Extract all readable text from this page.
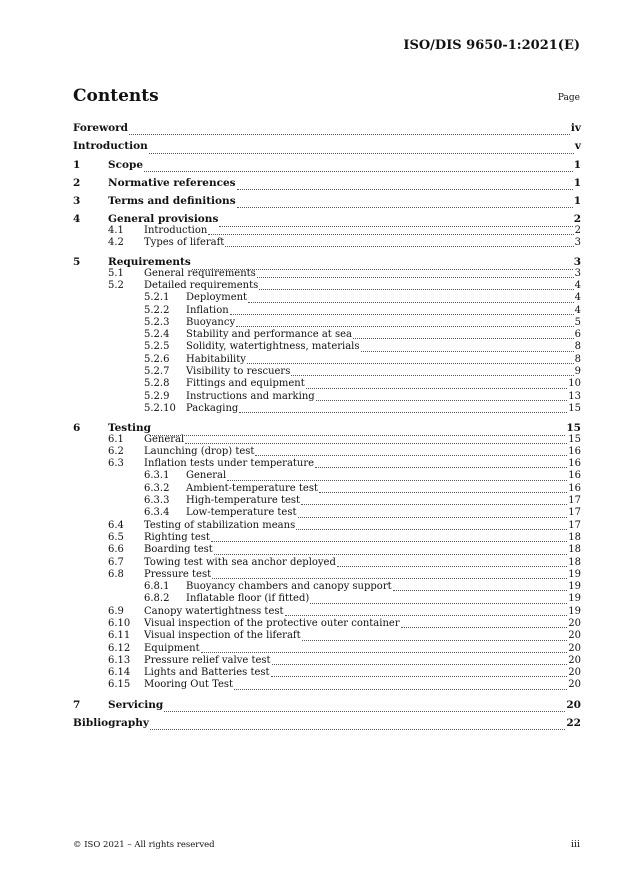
ISO/DIS 9650-1:2021(E)
Contents	Page
Foreword	iv
Introduction	v
1	Scope	1
2	Normative references	1
3	Terms and definitions	1
4	General provisions	2
4.1	Introduction	2
4.2	Types of liferaft	3
5	Requirements	3
5.1	General requirements	3
5.2	Detailed requirements	4
5.2.1	Deployment	4
5.2.2	Inflation	4
5.2.3	Buoyancy	5
5.2.4	Stability and performance at sea	6
5.2.5	Solidity, watertightness, materials	8
5.2.6	Habitability	8
5.2.7	Visibility to rescuers	9
5.2.8	Fittings and equipment	10
5.2.9	Instructions and marking	13
5.2.10	Packaging	15
6	Testing	15
6.1	General	15
6.2	Launching (drop) test	16
6.3	Inflation tests under temperature	16
6.3.1	General	16
6.3.2	Ambient-temperature test	16
6.3.3	High-temperature test	17
6.3.4	Low-temperature test	17
6.4	Testing of stabilization means	17
6.5	Righting test	18
6.6	Boarding test	18
6.7	Towing test with sea anchor deployed	18
6.8	Pressure test	19
6.8.1	Buoyancy chambers and canopy support	19
6.8.2	Inflatable floor (if fitted)	19
6.9	Canopy watertightness test	19
6.10	Visual inspection of the protective outer container	20
6.11	Visual inspection of the liferaft	20
6.12	Equipment	20
6.13	Pressure relief valve test	20
6.14	Lights and Batteries test	20
6.15	Mooring Out Test	20
7	Servicing	20
Bibliography	22
© ISO 2021 – All rights reserved	iii
